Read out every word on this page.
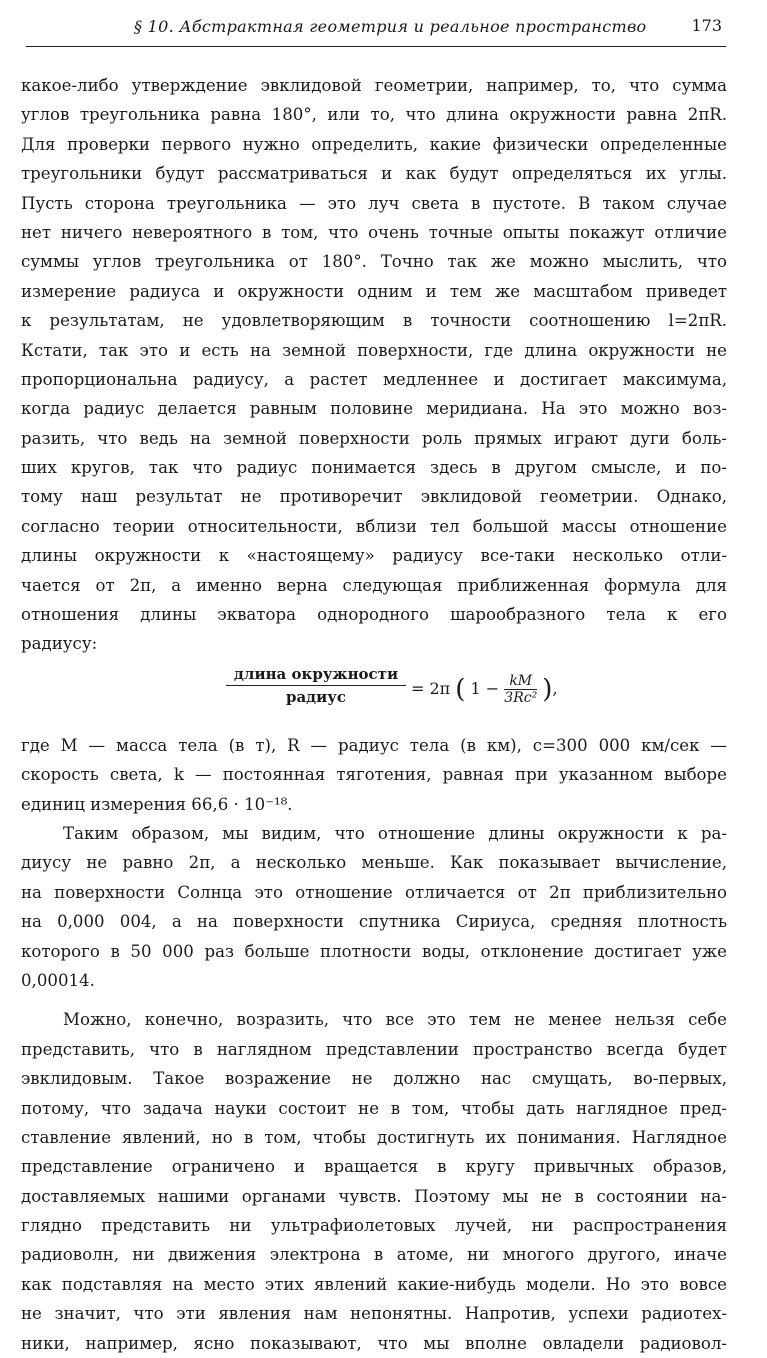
§ 10. Абстрактная геометрия и реальное пространство	173
какое-либо утверждение эвклидовой геометрии, например, то, что сумма
углов треугольника равна 180°, или то, что длина окружности равна 2πR.
Для проверки первого нужно определить, какие физически определенные
треугольники будут рассматриваться и как будут определяться их углы.
Пусть сторона треугольника — это луч света в пустоте. В таком случае
нет ничего невероятного в том, что очень точные опыты покажут отличие
суммы углов треугольника от 180°. Точно так же можно мыслить, что
измерение радиуса и окружности одним и тем же масштабом приведет
к результатам, не удовлетворяющим в точности соотношению l=2πR.
Кстати, так это и есть на земной поверхности, где длина окружности не
пропорциональна радиусу, а растет медленнее и достигает максимума,
когда радиус делается равным половине меридиана. На это можно воз-
разить, что ведь на земной поверхности роль прямых играют дуги боль-
ших кругов, так что радиус понимается здесь в другом смысле, и по-
тому наш результат не противоречит эвклидовой геометрии. Однако,
согласно теории относительности, вблизи тел большой массы отношение
длины окружности к «настоящему» радиусу все-таки несколько отли-
чается от 2π, а именно верна следующая приближенная формула для
отношения длины экватора однородного шарообразного тела к его
радиусу:
длина окружности
радиус	= 2π ( $1 - \frac{kM}{\text{3Rc²}}$ ),
где M — масса тела (в т), R — радиус тела (в км), c=300 000 км/сек —
скорость света, k — постоянная тяготения, равная при указанном выборе
единиц измерения 66,6 · 10⁻¹⁸.
Таким образом, мы видим, что отношение длины окружности к ра-
диусу не равно 2π, а несколько меньше. Как показывает вычисление,
на поверхности Солнца это отношение отличается от 2π приблизительно
на 0,000 004, а на поверхности спутника Сириуса, средняя плотность
которого в 50 000 раз больше плотности воды, отклонение достигает уже
0,00014.
Можно, конечно, возразить, что все это тем не менее нельзя себе
представить, что в наглядном представлении пространство всегда будет
эвклидовым. Такое возражение не должно нас смущать, во-первых,
потому, что задача науки состоит не в том, чтобы дать наглядное пред-
ставление явлений, но в том, чтобы достигнуть их понимания. Наглядное
представление ограничено и вращается в кругу привычных образов,
доставляемых нашими органами чувств. Поэтому мы не в состоянии на-
глядно представить ни ультрафиолетовых лучей, ни распространения
радиоволн, ни движения электрона в атоме, ни многого другого, иначе
как подставляя на место этих явлений какие-нибудь модели. Но это вовсе
не значит, что эти явления нам непонятны. Напротив, успехи радиотех-
ники, например, ясно показывают, что мы вполне овладели радиовол-
